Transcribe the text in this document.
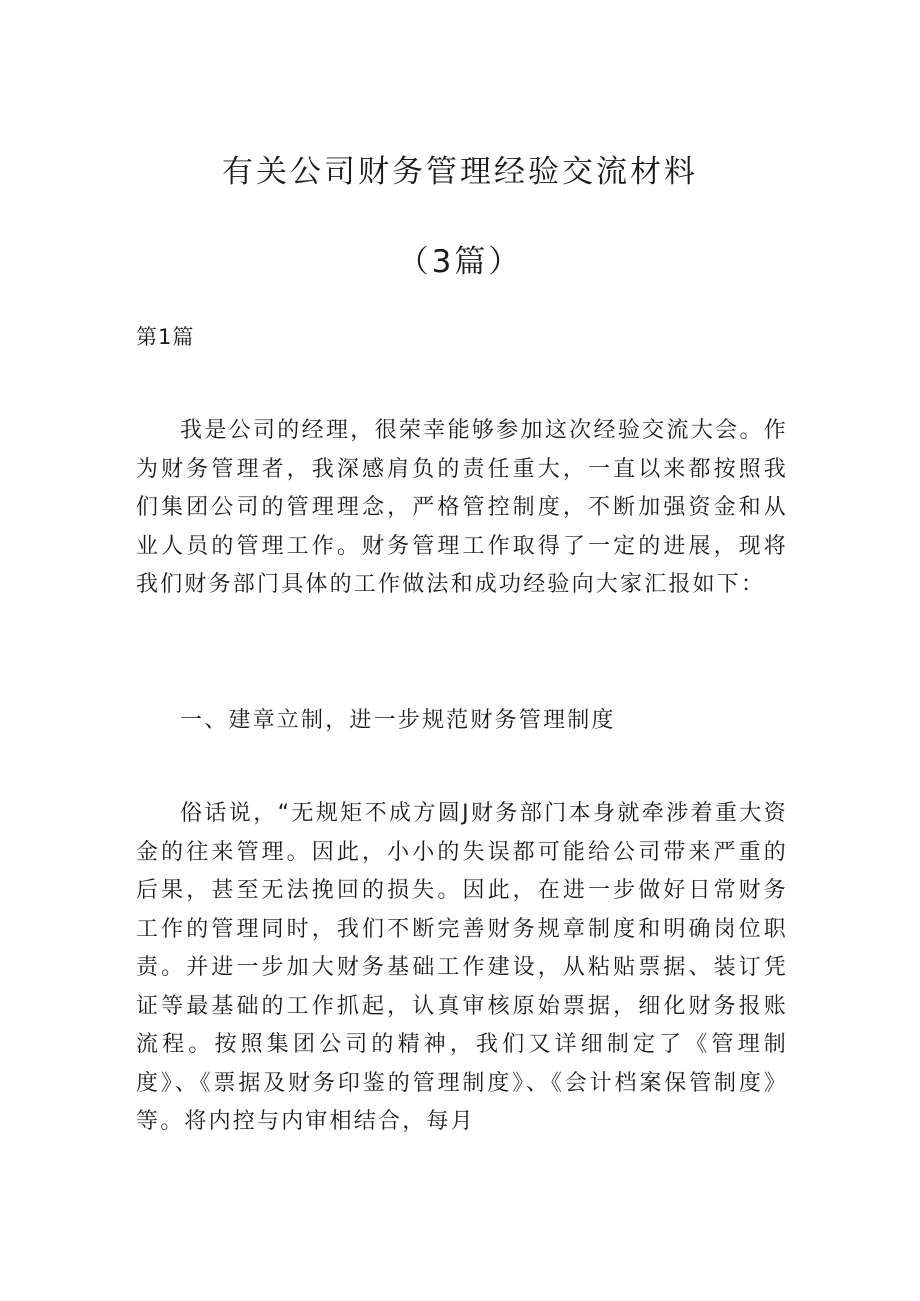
有关公司财务管理经验交流材料
（3篇）
第1篇

我是公司的经理，很荣幸能够参加这次经验交流大会。作为财务管理者，我深感肩负的责任重大，一直以来都按照我们集团公司的管理理念，严格管控制度，不断加强资金和从业人员的管理工作。财务管理工作取得了一定的进展，现将我们财务部门具体的工作做法和成功经验向大家汇报如下：

一、建章立制，进一步规范财务管理制度

俗话说，“无规矩不成方圆J财务部门本身就牵涉着重大资金的往来管理。因此，小小的失误都可能给公司带来严重的后果，甚至无法挽回的损失。因此，在进一步做好日常财务工作的管理同时，我们不断完善财务规章制度和明确岗位职责。并进一步加大财务基础工作建设，从粘贴票据、装订凭证等最基础的工作抓起，认真审核原始票据，细化财务报账流程。按照集团公司的精神，我们又详细制定了《管理制度》、《票据及财务印鉴的管理制度》、《会计档案保管制度》等。将内控与内审相结合，每月
